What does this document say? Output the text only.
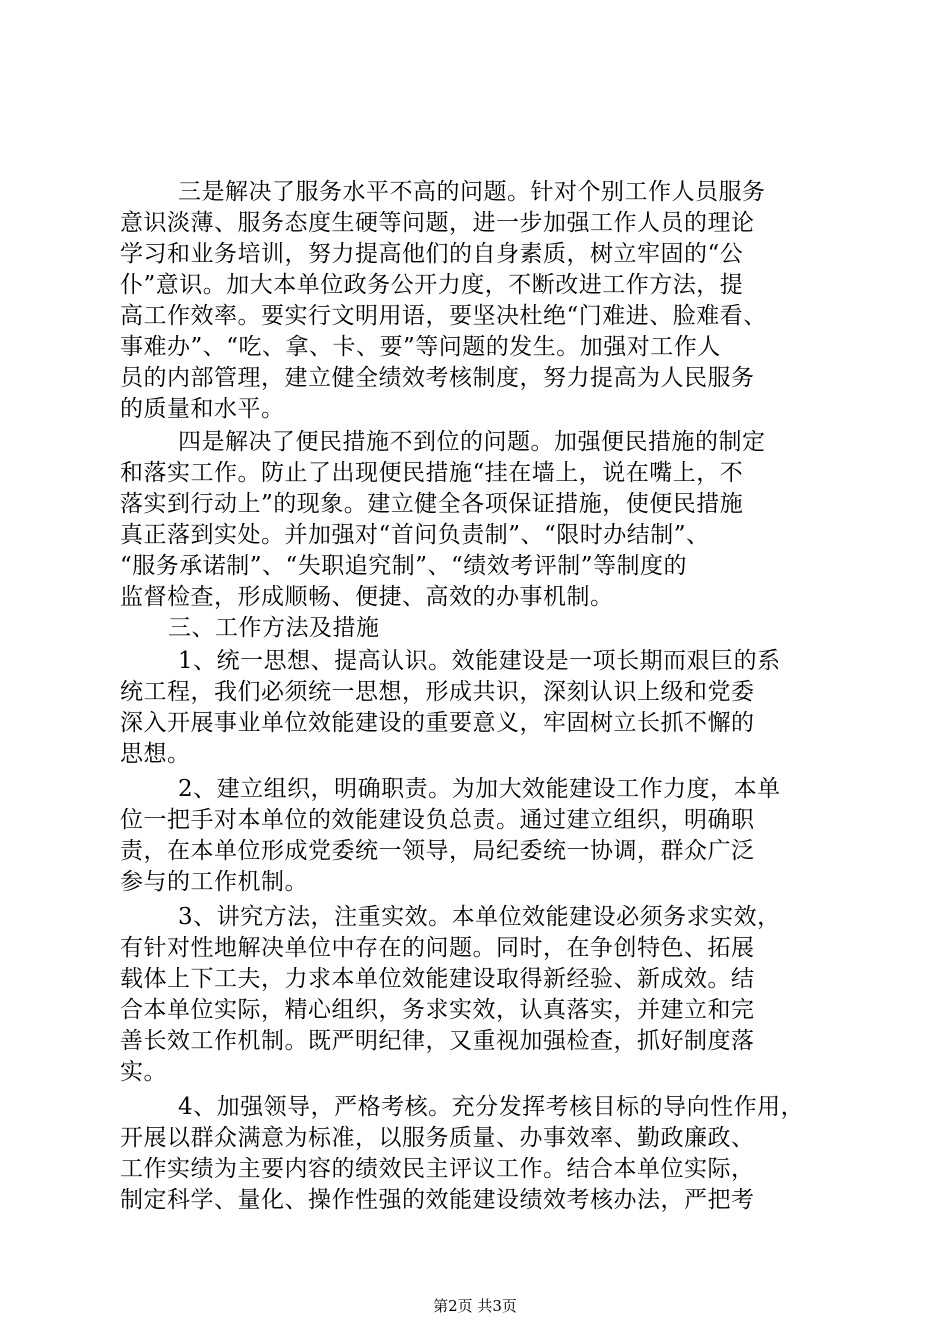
三是解决了服务水平不高的问题。针对个别工作人员服务
意识淡薄、服务态度生硬等问题，进一步加强工作人员的理论
学习和业务培训，努力提高他们的自身素质，树立牢固的“公
仆”意识。加大本单位政务公开力度，不断改进工作方法，提
高工作效率。要实行文明用语，要坚决杜绝“门难进、脸难看、
事难办”、“吃、拿、卡、要”等问题的发生。加强对工作人
员的内部管理，建立健全绩效考核制度，努力提高为人民服务
的质量和水平。
四是解决了便民措施不到位的问题。加强便民措施的制定
和落实工作。防止了出现便民措施“挂在墙上，说在嘴上，不
落实到行动上”的现象。建立健全各项保证措施，使便民措施
真正落到实处。并加强对“首问负责制”、“限时办结制”、
“服务承诺制”、“失职追究制”、“绩效考评制”等制度的
监督检查，形成顺畅、便捷、高效的办事机制。
三、工作方法及措施
1、统一思想、提高认识。效能建设是一项长期而艰巨的系
统工程，我们必须统一思想，形成共识，深刻认识上级和党委
深入开展事业单位效能建设的重要意义，牢固树立长抓不懈的
思想。
2、建立组织，明确职责。为加大效能建设工作力度，本单
位一把手对本单位的效能建设负总责。通过建立组织，明确职
责，在本单位形成党委统一领导，局纪委统一协调，群众广泛
参与的工作机制。
3、讲究方法，注重实效。本单位效能建设必须务求实效，
有针对性地解决单位中存在的问题。同时，在争创特色、拓展
载体上下工夫，力求本单位效能建设取得新经验、新成效。结
合本单位实际，精心组织，务求实效，认真落实，并建立和完
善长效工作机制。既严明纪律，又重视加强检查，抓好制度落
实。
4、加强领导，严格考核。充分发挥考核目标的导向性作用，
开展以群众满意为标准，以服务质量、办事效率、勤政廉政、
工作实绩为主要内容的绩效民主评议工作。结合本单位实际，
制定科学、量化、操作性强的效能建设绩效考核办法，严把考
第2页 共3页
